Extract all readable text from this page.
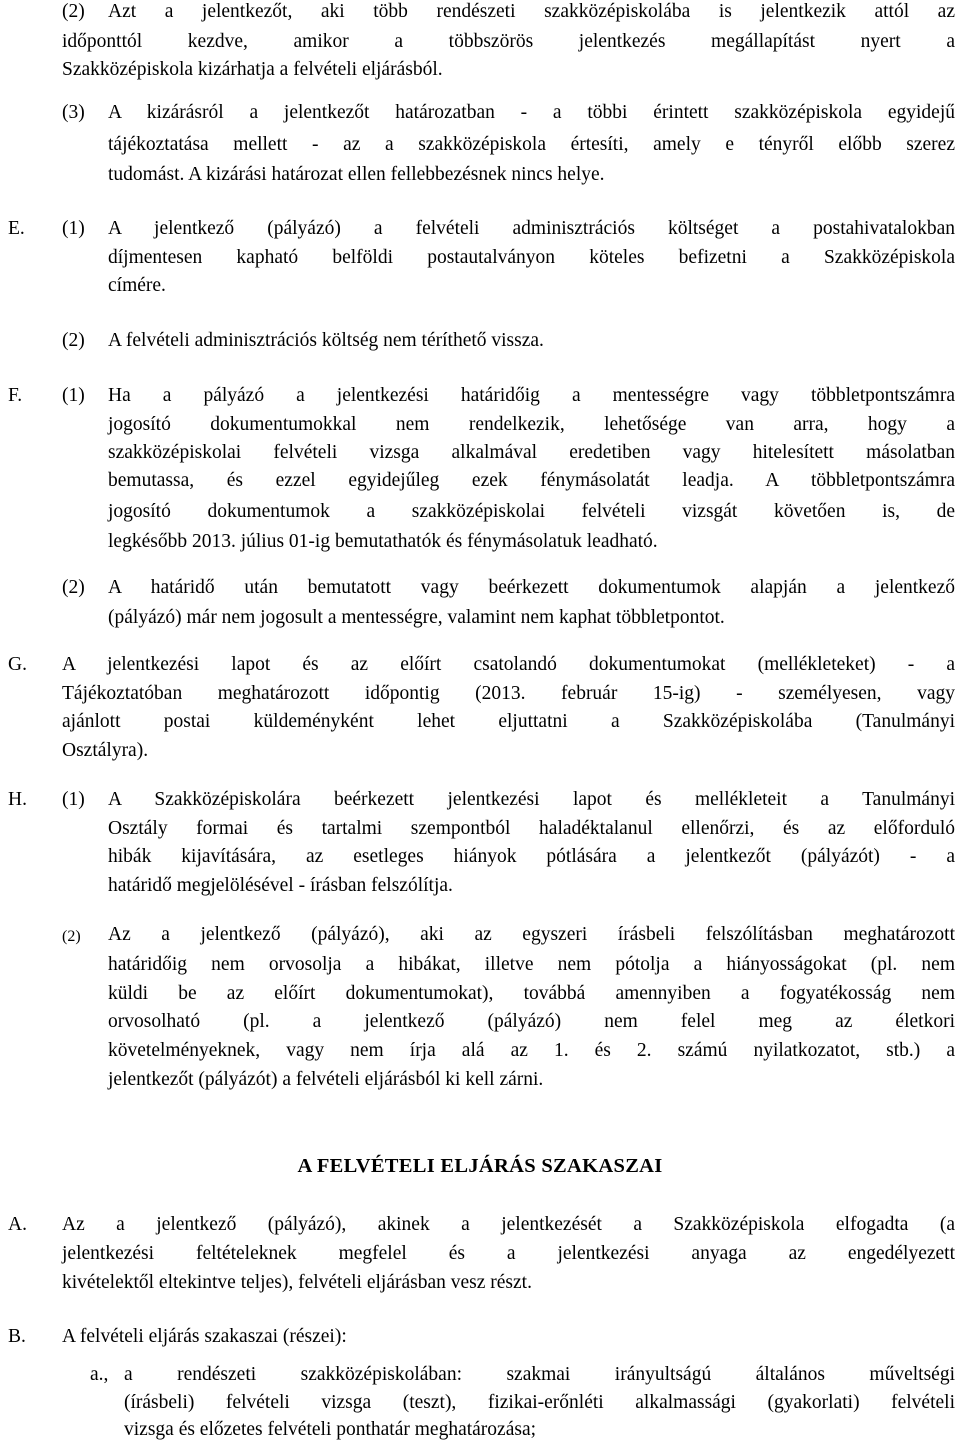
(2) Azt a jelentkezőt, aki több rendészeti szakközépiskolába is jelentkezik attól az
időponttól kezdve, amikor a többszörös jelentkezés megállapítást nyert a
Szakközépiskola kizárhatja a felvételi eljárásból.
(3) A kizárásról a jelentkezőt határozatban - a többi érintett szakközépiskola egyidejű
tájékoztatása mellett - az a szakközépiskola értesíti, amely e tényről előbb szerez
tudomást. A kizárási határozat ellen fellebbezésnek nincs helye.
E. (1) A jelentkező (pályázó) a felvételi adminisztrációs költséget a postahivatalokban
díjmentesen kapható belföldi postautalványon köteles befizetni a Szakközépiskola
címére.
(2) A felvételi adminisztrációs költség nem téríthető vissza.
F. (1) Ha a pályázó a jelentkezési határidőig a mentességre vagy többletpontszámra
jogosító dokumentumokkal nem rendelkezik, lehetősége van arra, hogy a
szakközépiskolai felvételi vizsga alkalmával eredetiben vagy hitelesített másolatban
bemutassa, és ezzel egyidejűleg ezek fénymásolatát leadja. A többletpontszámra
jogosító dokumentumok a szakközépiskolai felvételi vizsgát követően is, de
legkésőbb 2013. július 01-ig bemutathatók és fénymásolatuk leadható.
(2) A határidő után bemutatott vagy beérkezett dokumentumok alapján a jelentkező
(pályázó) már nem jogosult a mentességre, valamint nem kaphat többletpontot.
G. A jelentkezési lapot és az előírt csatolandó dokumentumokat (mellékleteket) - a
Tájékoztatóban meghatározott időpontig (2013. február 15-ig) - személyesen, vagy
ajánlott postai küldeményként lehet eljuttatni a Szakközépiskolába (Tanulmányi
Osztályra).
H. (1) A Szakközépiskolára beérkezett jelentkezési lapot és mellékleteit a Tanulmányi
Osztály formai és tartalmi szempontból haladéktalanul ellenőrzi, és az előforduló
hibák kijavítására, az esetleges hiányok pótlására a jelentkezőt (pályázót) - a
határidő megjelölésével - írásban felszólítja.
(2) Az a jelentkező (pályázó), aki az egyszeri írásbeli felszólításban meghatározott
határidőig nem orvosolja a hibákat, illetve nem pótolja a hiányosságokat (pl. nem
küldi be az előírt dokumentumokat), továbbá amennyiben a fogyatékosság nem
orvosolható (pl. a jelentkező (pályázó) nem felel meg az életkori
követelményeknek, vagy nem írja alá az 1. és 2. számú nyilatkozatot, stb.) a
jelentkezőt (pályázót) a felvételi eljárásból ki kell zárni.
A FELVÉTELI ELJÁRÁS SZAKASZAI
A. Az a jelentkező (pályázó), akinek a jelentkezését a Szakközépiskola elfogadta (a
jelentkezési feltételeknek megfelel és a jelentkezési anyaga az engedélyezett
kivételektől eltekintve teljes), felvételi eljárásban vesz részt.
B. A felvételi eljárás szakaszai (részei):
a., a rendészeti szakközépiskolában: szakmai irányultságú általános műveltségi
(írásbeli) felvételi vizsga (teszt), fizikai-erőnléti alkalmassági (gyakorlati) felvételi
vizsga és előzetes felvételi ponthatár meghatározása;
